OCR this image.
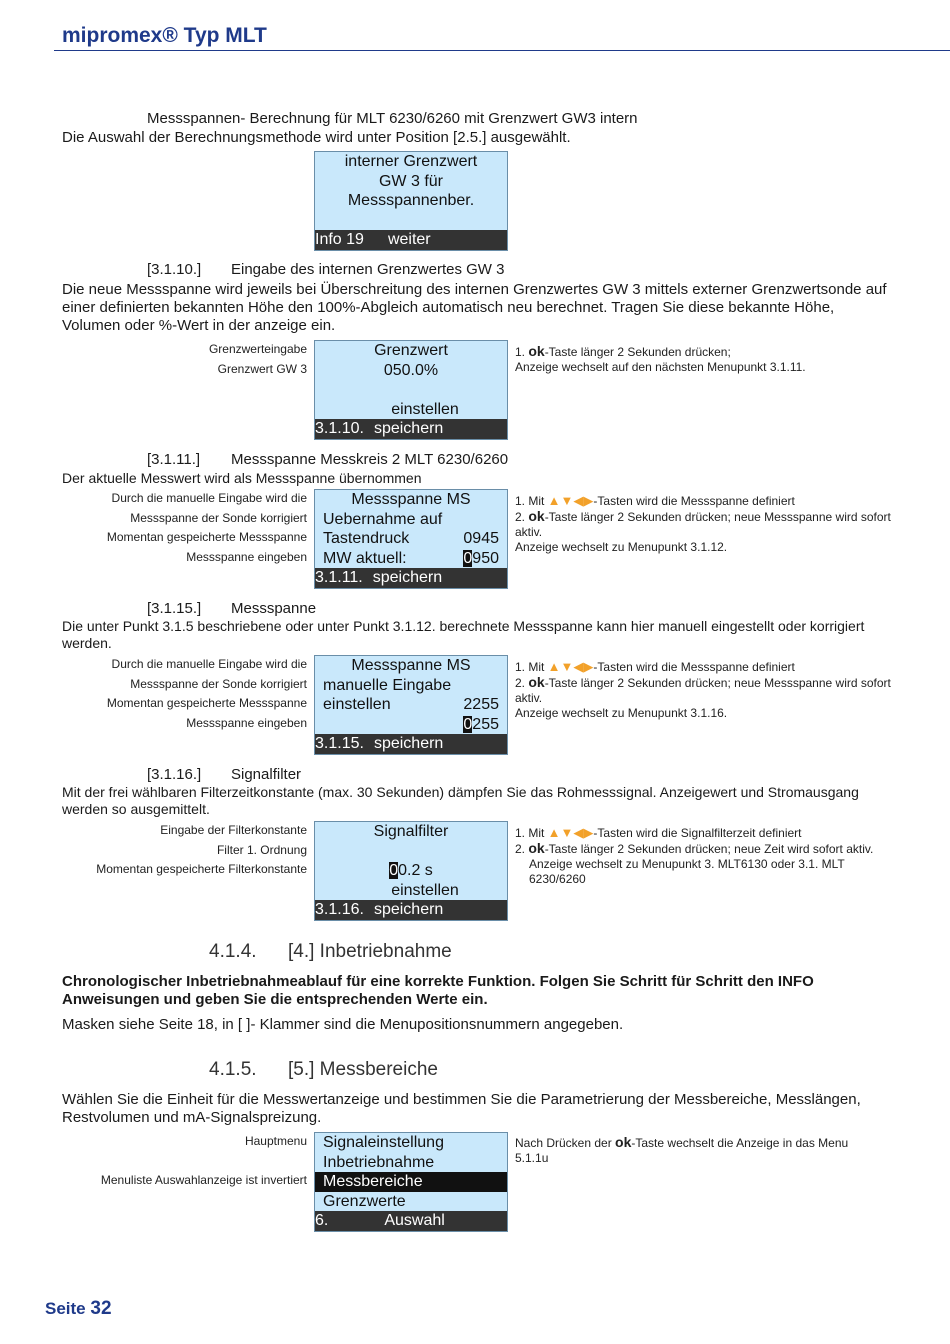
mipromex® Typ MLT
Messspannen- Berechnung für MLT 6230/6260 mit Grenzwert GW3 intern
Die Auswahl der Berechnungsmethode wird unter Position [2.5.] ausgewählt.
interner Grenzwert
GW 3 für
Messspannenber.
Info 19 weiter
[3.1.10.] Eingabe des internen Grenzwertes GW 3
Die neue Messspanne wird jeweils bei Überschreitung des internen Grenzwertes GW 3 mittels externer Grenzwertsonde auf einer definierten bekannten Höhe den 100%-Abgleich automatisch neu berechnet. Tragen Sie diese bekannte Höhe, Volumen oder %-Wert in der anzeige ein.
Grenzwerteingabe
Grenzwert GW 3
Grenzwert
050.0%
einstellen
3.1.10. speichern
1. ok-Taste länger 2 Sekunden drücken;
Anzeige wechselt auf den nächsten Menupunkt 3.1.11.
[3.1.11.] Messspanne Messkreis 2 MLT 6230/6260
Der aktuelle Messwert wird als Messspanne übernommen
Durch die manuelle Eingabe wird die
Messspanne der Sonde korrigiert
Momentan gespeicherte Messspanne
Messspanne eingeben
Messspanne MS
Uebernahme auf
Tastendruck	0945
MW aktuell:	0950
3.1.11. speichern
1. Mit ▲▼◀▶-Tasten wird die Messspanne definiert
2. ok-Taste länger 2 Sekunden drücken; neue Messspanne wird sofort aktiv.
Anzeige wechselt zu Menupunkt 3.1.12.
[3.1.15.] Messspanne
Die unter Punkt 3.1.5 beschriebene oder unter Punkt 3.1.12. berechnete Messspanne kann hier manuell eingestellt oder korrigiert werden.
Durch die manuelle Eingabe wird die
Messspanne der Sonde korrigiert
Momentan gespeicherte Messspanne
Messspanne eingeben
Messspanne MS
manuelle Eingabe
einstellen	2255
0255
3.1.15. speichern
1. Mit ▲▼◀▶-Tasten wird die Messspanne definiert
2. ok-Taste länger 2 Sekunden drücken; neue Messspanne wird sofort aktiv.
Anzeige wechselt zu Menupunkt 3.1.16.
[3.1.16.] Signalfilter
Mit der frei wählbaren Filterzeitkonstante (max. 30 Sekunden) dämpfen Sie das Rohmesssignal. Anzeigewert und Stromausgang werden so ausgemittelt.
Eingabe der Filterkonstante
Filter 1. Ordnung
Momentan gespeicherte Filterkonstante
Signalfilter
00.2 s
einstellen
3.1.16. speichern
1. Mit ▲▼◀▶-Tasten wird die Signalfilterzeit definiert
2. ok-Taste länger 2 Sekunden drücken; neue Zeit wird sofort aktiv.
Anzeige wechselt zu Menupunkt 3. MLT6130 oder 3.1. MLT 6230/6260
4.1.4. [4.] Inbetriebnahme
Chronologischer Inbetriebnahmeablauf für eine korrekte Funktion. Folgen Sie Schritt für Schritt den INFO Anweisungen und geben Sie die entsprechenden Werte ein.
Masken siehe Seite 18, in [ ]- Klammer sind die Menupositionsnummern angegeben.
4.1.5. [5.] Messbereiche
Wählen Sie die Einheit für die Messwertanzeige und bestimmen Sie die Parametrierung der Messbereiche, Messlängen, Restvolumen und mA-Signalspreizung.
Hauptmenu
Menuliste Auswahlanzeige ist invertiert
Signaleinstellung
Inbetriebnahme
Messbereiche
Grenzwerte
6.	Auswahl
Nach Drücken der ok-Taste wechselt die Anzeige in das Menu 5.1.1u
Seite 32
